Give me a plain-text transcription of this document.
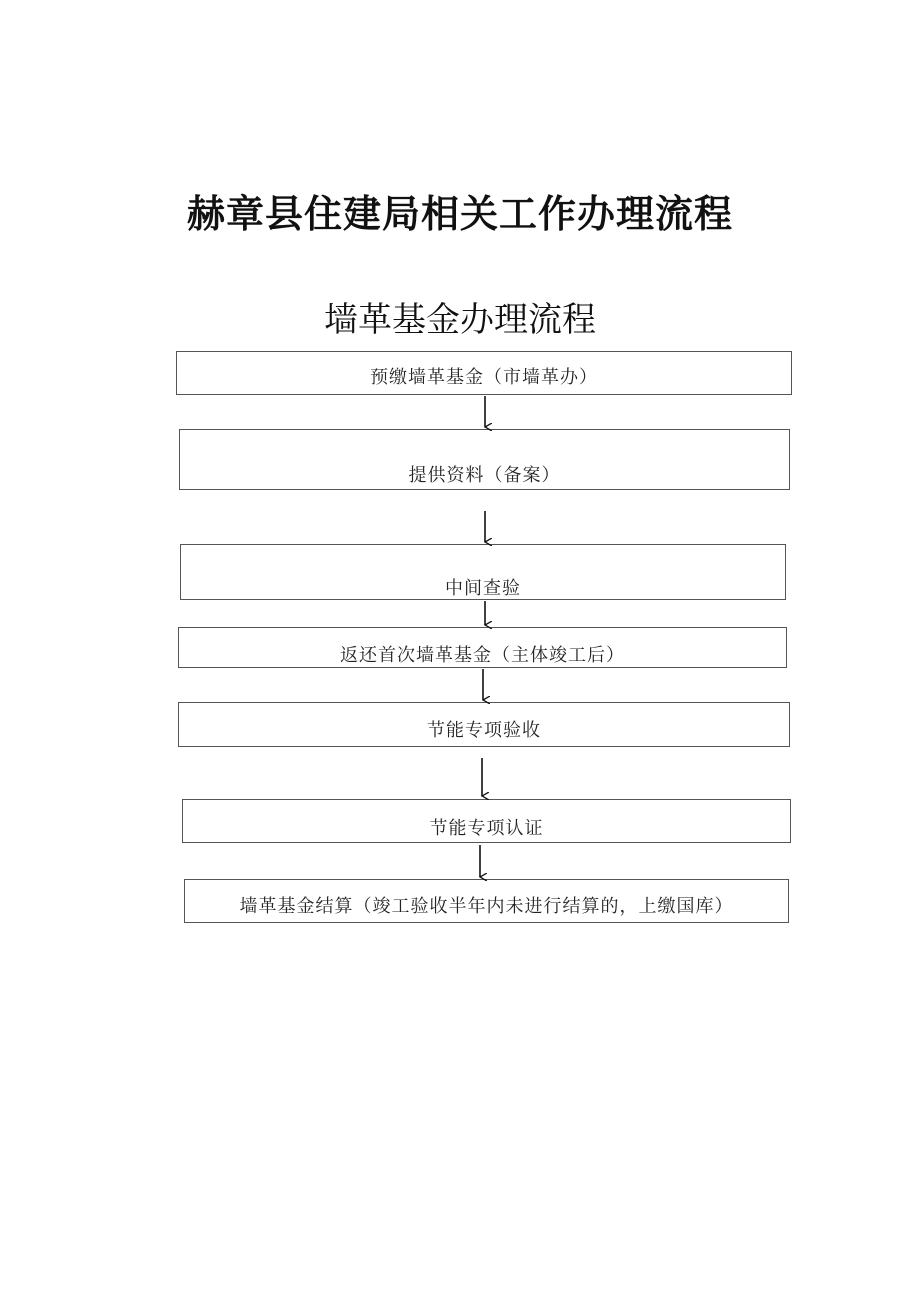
赫章县住建局相关工作办理流程
墙革基金办理流程
预缴墙革基金（市墙革办）
提供资料（备案）
中间查验
返还首次墙革基金（主体竣工后）
节能专项验收
节能专项认证
墙革基金结算（竣工验收半年内未进行结算的，上缴国库）
